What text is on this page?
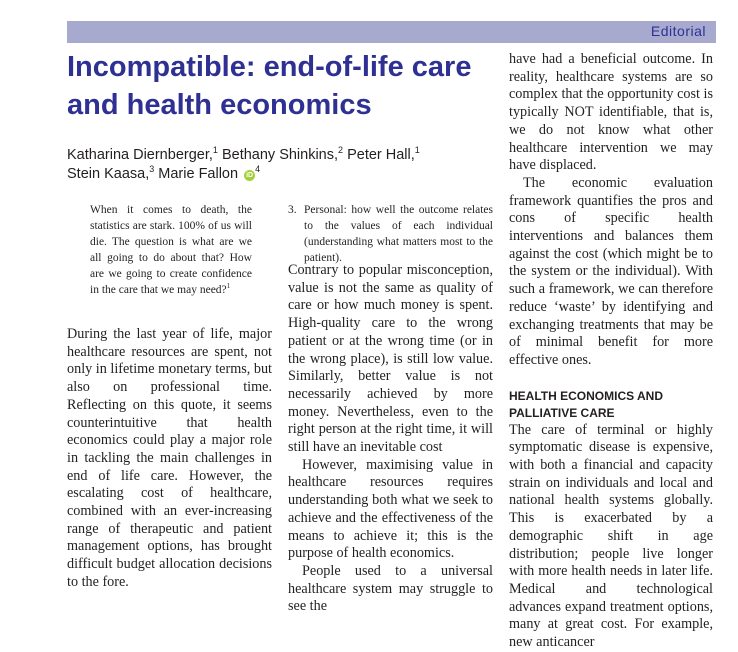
Editorial
Incompatible: end-of-life care and health economics
Katharina Diernberger,$^1$ Bethany Shinkins,$^2$ Peter Hall,$^1$
Stein Kaasa,$^3$ Marie Fallon $iD^4$
When it comes to death, the statistics are stark. 100% of us will die. The question is what are we all going to do about that? How are we going to create confidence in the care that we may need?$^1$

During the last year of life, major healthcare resources are spent, not only in lifetime monetary terms, but also on professional time. Reflecting on this quote, it seems counterintuitive that health economics could play a major role in tackling the main challenges in end of life care. However, the escalating cost of healthcare, combined with an ever-increasing range of therapeutic and patient management options, has brought difficult budget allocation decisions to the fore.

3. Personal: how well the outcome relates to the values of each individual (understanding what matters most to the patient).

Contrary to popular misconception, value is not the same as quality of care or how much money is spent. High-quality care to the wrong patient or at the wrong time (or in the wrong place), is still low value. Similarly, better value is not necessarily achieved by more money. Nevertheless, even to the right person at the right time, it will still have an inevitable cost

However, maximising value in healthcare resources requires understanding both what we seek to achieve and the effectiveness of the means to achieve it; this is the purpose of health economics.

People used to a universal healthcare system may struggle to see the

have had a beneficial outcome. In reality, healthcare systems are so complex that the opportunity cost is typically NOT identifiable, that is, we do not know what other healthcare intervention we may have displaced.

The economic evaluation framework quantifies the pros and cons of specific health interventions and balances them against the cost (which might be to the system or the individual). With such a framework, we can therefore reduce ‘waste’ by identifying and exchanging treatments that may be of minimal benefit for more effective ones.

HEALTH ECONOMICS AND PALLIATIVE CARE

The care of terminal or highly symptomatic disease is expensive, with both a financial and capacity strain on individuals and local and national health systems globally. This is exacerbated by a demographic shift in age distribution; people live longer with more health needs in later life. Medical and technological advances expand treatment options, many at great cost. For example, new anticancer
